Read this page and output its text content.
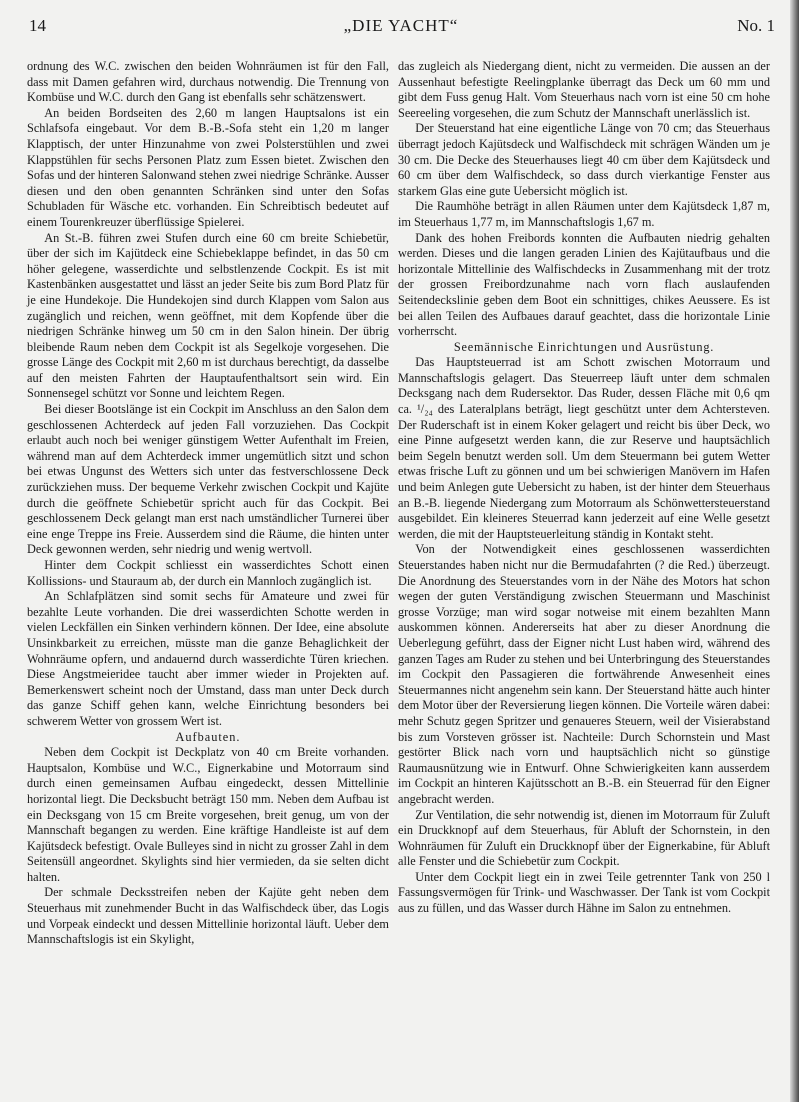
14	„DIE YACHT“	No. 1

ordnung des W.C. zwischen den beiden Wohnräumen ist für den Fall, dass mit Damen gefahren wird, durchaus notwendig. Die Trennung von Kombüse und W.C. durch den Gang ist ebenfalls sehr schätzenswert.

An beiden Bordseiten des 2,60 m langen Hauptsalons ist ein Schlafsofa eingebaut. Vor dem B.-B.-Sofa steht ein 1,20 m langer Klapptisch, der unter Hinzunahme von zwei Polsterstühlen und zwei Klappstühlen für sechs Personen Platz zum Essen bietet. Zwischen den Sofas und der hinteren Salonwand stehen zwei niedrige Schränke. Ausser diesen und den oben genannten Schränken sind unter den Sofas Schubladen für Wäsche etc. vorhanden. Ein Schreibtisch bedeutet auf einem Tourenkreuzer überflüssige Spielerei.

An St.-B. führen zwei Stufen durch eine 60 cm breite Schiebetür, über der sich im Kajütdeck eine Schiebeklappe befindet, in das 50 cm höher gelegene, wasserdichte und selbstlenzende Cockpit. Es ist mit Kastenbänken ausgestattet und lässt an jeder Seite bis zum Bord Platz für je eine Hundekoje. Die Hundekojen sind durch Klappen vom Salon aus zugänglich und reichen, wenn geöffnet, mit dem Kopfende über die niedrigen Schränke hinweg um 50 cm in den Salon hinein. Der übrig bleibende Raum neben dem Cockpit ist als Segelkoje vorgesehen. Die grosse Länge des Cockpit mit 2,60 m ist durchaus berechtigt, da dasselbe auf den meisten Fahrten der Hauptaufenthaltsort sein wird. Ein Sonnensegel schützt vor Sonne und leichtem Regen.

Bei dieser Bootslänge ist ein Cockpit im Anschluss an den Salon dem geschlossenen Achterdeck auf jeden Fall vorzuziehen. Das Cockpit erlaubt auch noch bei weniger günstigem Wetter Aufenthalt im Freien, während man auf dem Achterdeck immer ungemütlich sitzt und schon bei etwas Ungunst des Wetters sich unter das festverschlossene Deck zurückziehen muss. Der bequeme Verkehr zwischen Cockpit und Kajüte durch die geöffnete Schiebetür spricht auch für das Cockpit. Bei geschlossenem Deck gelangt man erst nach umständlicher Turnerei über eine enge Treppe ins Freie. Ausserdem sind die Räume, die hinten unter Deck gewonnen werden, sehr niedrig und wenig wertvoll.

Hinter dem Cockpit schliesst ein wasserdichtes Schott einen Kollissions- und Stauraum ab, der durch ein Mannloch zugänglich ist.

An Schlafplätzen sind somit sechs für Amateure und zwei für bezahlte Leute vorhanden. Die drei wasserdichten Schotte werden in vielen Leckfällen ein Sinken verhindern können. Der Idee, eine absolute Unsinkbarkeit zu erreichen, müsste man die ganze Behaglichkeit der Wohnräume opfern, und andauernd durch wasserdichte Türen kriechen. Diese Angstmeieridee taucht aber immer wieder in Projekten auf. Bemerkenswert scheint noch der Umstand, dass man unter Deck durch das ganze Schiff gehen kann, welche Einrichtung besonders bei schwerem Wetter von grossem Wert ist.

Aufbauten.

Neben dem Cockpit ist Deckplatz von 40 cm Breite vorhanden. Hauptsalon, Kombüse und W.C., Eignerkabine und Motorraum sind durch einen gemeinsamen Aufbau eingedeckt, dessen Mittellinie horizontal liegt. Die Decksbucht beträgt 150 mm. Neben dem Aufbau ist ein Decksgang von 15 cm Breite vorgesehen, breit genug, um von der Mannschaft begangen zu werden. Eine kräftige Handleiste ist auf dem Kajütsdeck befestigt. Ovale Bulleyes sind in nicht zu grosser Zahl in dem Seitensüll angeordnet. Skylights sind hier vermieden, da sie selten dicht halten.

Der schmale Decksstreifen neben der Kajüte geht neben dem Steuerhaus mit zunehmender Bucht in das Walfischdeck über, das Logis und Vorpeak eindeckt und dessen Mittellinie horizontal läuft. Ueber dem Mannschaftslogis ist ein Skylight,

das zugleich als Niedergang dient, nicht zu vermeiden. Die aussen an der Aussenhaut befestigte Reelingplanke überragt das Deck um 60 mm und gibt dem Fuss genug Halt. Vom Steuerhaus nach vorn ist eine 50 cm hohe Seereeling vorgesehen, die zum Schutz der Mannschaft unerlässlich ist.

Der Steuerstand hat eine eigentliche Länge von 70 cm; das Steuerhaus überragt jedoch Kajütsdeck und Walfischdeck mit schrägen Wänden um je 30 cm. Die Decke des Steuerhauses liegt 40 cm über dem Kajütsdeck und 60 cm über dem Walfischdeck, so dass durch vierkantige Fenster aus starkem Glas eine gute Uebersicht möglich ist.

Die Raumhöhe beträgt in allen Räumen unter dem Kajütsdeck 1,87 m, im Steuerhaus 1,77 m, im Mannschaftslogis 1,67 m.

Dank des hohen Freibords konnten die Aufbauten niedrig gehalten werden. Dieses und die langen geraden Linien des Kajütaufbaus und die horizontale Mittellinie des Walfischdecks in Zusammenhang mit der trotz der grossen Freibordzunahme nach vorn flach auslaufenden Seitendeckslinie geben dem Boot ein schnittiges, chikes Aeussere. Es ist bei allen Teilen des Aufbaues darauf geachtet, dass die horizontale Linie vorherrscht.

Seemännische Einrichtungen und Ausrüstung.

Das Hauptsteuerrad ist am Schott zwischen Motorraum und Mannschaftslogis gelagert. Das Steuerreep läuft unter dem schmalen Decksgang nach dem Rudersektor. Das Ruder, dessen Fläche mit 0,6 qm ca. ¹/₂₄ des Lateralplans beträgt, liegt geschützt unter dem Achtersteven. Der Ruderschaft ist in einem Koker gelagert und reicht bis über Deck, wo eine Pinne aufgesetzt werden kann, die zur Reserve und hauptsächlich beim Segeln benutzt werden soll. Um dem Steuermann bei gutem Wetter etwas frische Luft zu gönnen und um bei schwierigen Manövern im Hafen und beim Anlegen gute Uebersicht zu haben, ist der hinter dem Steuerhaus an B.-B. liegende Niedergang zum Motorraum als Schönwettersteuerstand ausgebildet. Ein kleineres Steuerrad kann jederzeit auf eine Welle gesetzt werden, die mit der Hauptsteuerleitung ständig in Kontakt steht.

Von der Notwendigkeit eines geschlossenen wasserdichten Steuerstandes haben nicht nur die Bermudafahrten (? die Red.) überzeugt. Die Anordnung des Steuerstandes vorn in der Nähe des Motors hat schon wegen der guten Verständigung zwischen Steuermann und Maschinist grosse Vorzüge; man wird sogar notweise mit einem bezahlten Mann auskommen können. Andererseits hat aber zu dieser Anordnung die Ueberlegung geführt, dass der Eigner nicht Lust haben wird, während des ganzen Tages am Ruder zu stehen und bei Unterbringung des Steuerstandes im Cockpit den Passagieren die fortwährende Anwesenheit eines Steuermannes nicht angenehm sein kann. Der Steuerstand hätte auch hinter dem Motor über der Reversierung liegen können. Die Vorteile wären dabei: mehr Schutz gegen Spritzer und genaueres Steuern, weil der Visierabstand bis zum Vorsteven grösser ist. Nachteile: Durch Schornstein und Mast gestörter Blick nach vorn und hauptsächlich nicht so günstige Raumausnützung wie in Entwurf. Ohne Schwierigkeiten kann ausserdem im Cockpit an hinteren Kajütsschott an B.-B. ein Steuerrad für den Eigner angebracht werden.

Zur Ventilation, die sehr notwendig ist, dienen im Motorraum für Zuluft ein Druckknopf auf dem Steuerhaus, für Abluft der Schornstein, in den Wohnräumen für Zuluft ein Druckknopf über der Eignerkabine, für Abluft alle Fenster und die Schiebetür zum Cockpit.

Unter dem Cockpit liegt ein in zwei Teile getrennter Tank von 250 l Fassungsvermögen für Trink- und Waschwasser. Der Tank ist vom Cockpit aus zu füllen, und das Wasser durch Hähne im Salon zu entnehmen.
